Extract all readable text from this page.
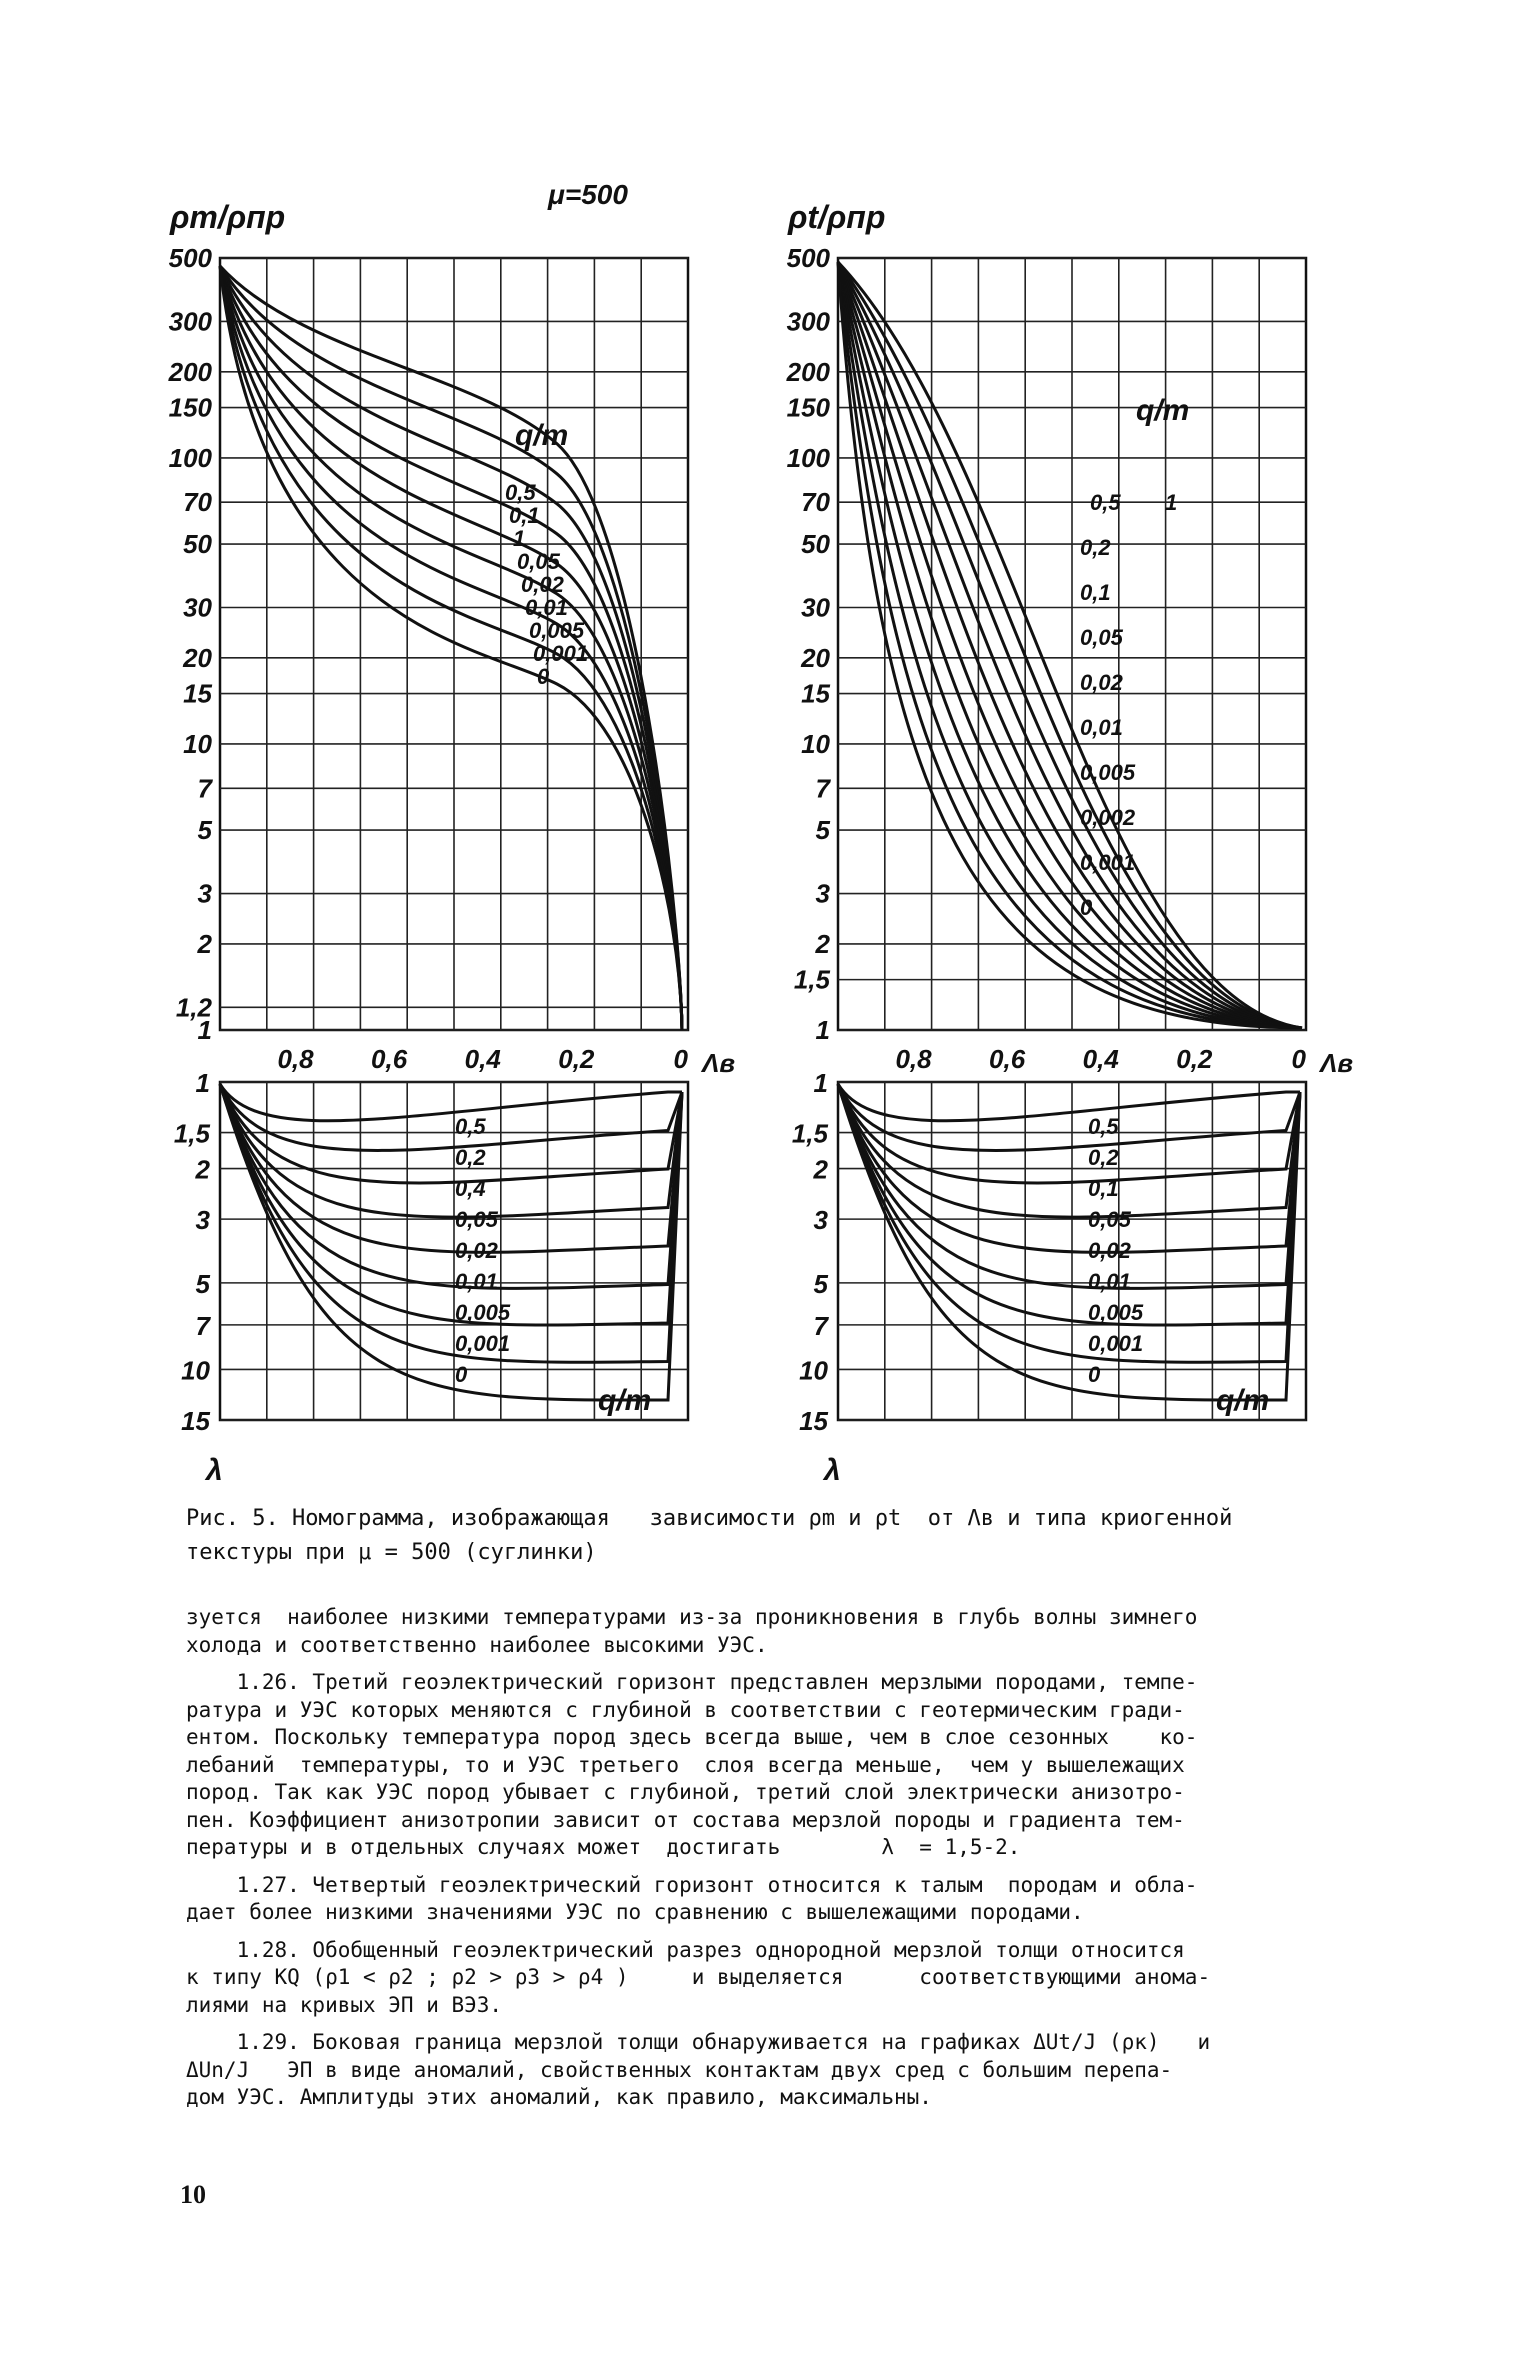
500
300
200
150
100
70
50
30
20
15
10
7
5
3
2
1,2
1
0,8 0,6 0,4 0,2	0 Λв
ρm/ρпр
μ=500
q/m
0,5
0,1
1
0,05
0,02
0,01
0,005
0,001
0
500
300
200
150
100
70
50
30
20
15
10
7
5
3
2
1,5
1
0,8 0,6 0,4 0,2	0 Λв
ρt/ρпр
q/m
0,5 1
0,2
0,1
0,05
0,02
0,01
0,005
0,002
0,001
0
1
1,5
2
3
5
7
10
15
λ
0,5
0,2
0,4
0,05
0,02
0,01
0,005
0,001
0
q/m
1
1,5
2
3
5
7
10
15
λ
0,5
0,2
0,1
0,05
0,02
0,01
0,005
0,001
0
q/m
Рис. 5. Номограмма, изображающая   зависимости ρm и ρt  от Λв и типа криогенной
текстуры при μ = 500 (суглинки)

зуется  наиболее низкими температурами из-за проникновения в глубь волны зимнего

холода и соответственно наиболее высокими УЭС.

1.26. Третий геоэлектрический горизонт представлен мерзлыми породами, темпе-

ратура и УЭС которых меняются с глубиной в соответствии с геотермическим гради-

ентом. Поскольку температура пород здесь всегда выше, чем в слое сезонных    ко-

лебаний  температуры, то и УЭС третьего  слоя всегда меньше,  чем у вышележащих

пород. Так как УЭС пород убывает с глубиной, третий слой электрически анизотро-

пен. Коэффициент анизотропии зависит от состава мерзлой породы и градиента тем-

пературы и в отдельных случаях может  достигать        λ  = 1,5-2.

1.27. Четвертый геоэлектрический горизонт относится к талым  породам и обла-

дает более низкими значениями УЭС по сравнению с вышележащими породами.

1.28. Обобщенный геоэлектрический разрез однородной мерзлой толщи относится

к типу KQ (ρ1 < ρ2 ; ρ2 > ρ3 > ρ4 )     и выделяется      соответствующими анома-

лиями на кривых ЭП и ВЭЗ.

1.29. Боковая граница мерзлой толщи обнаруживается на графиках ΔUt/J (ρк)   и

ΔUn/J   ЭП в виде аномалий, свойственных контактам двух сред с большим перепа-

дом УЭС. Амплитуды этих аномалий, как правило, максимальны.

10
